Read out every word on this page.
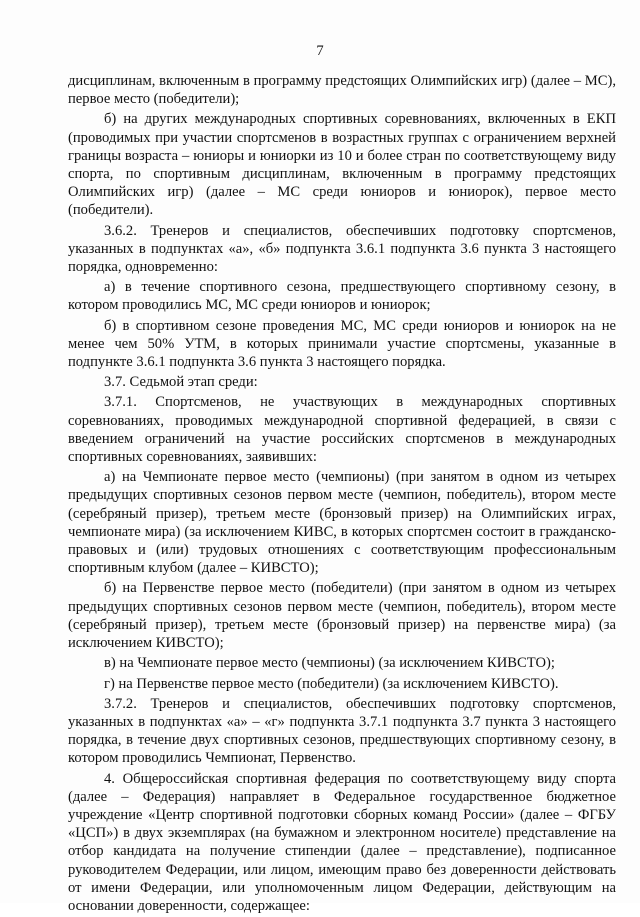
7

дисциплинам, включенным в программу предстоящих Олимпийских игр) (далее – МС), первое место (победители);

б) на других международных спортивных соревнованиях, включенных в ЕКП (проводимых при участии спортсменов в возрастных группах с ограничением верхней границы возраста – юниоры и юниорки из 10 и более стран по соответствующему виду спорта, по спортивным дисциплинам, включенным в программу предстоящих Олимпийских игр) (далее – МС среди юниоров и юниорок), первое место (победители).

3.6.2. Тренеров и специалистов, обеспечивших подготовку спортсменов, указанных в подпунктах «а», «б» подпункта 3.6.1 подпункта 3.6 пункта 3 настоящего порядка, одновременно:

а) в течение спортивного сезона, предшествующего спортивному сезону, в котором проводились МС, МС среди юниоров и юниорок;

б) в спортивном сезоне проведения МС, МС среди юниоров и юниорок на не менее чем 50% УТМ, в которых принимали участие спортсмены, указанные в подпункте 3.6.1 подпункта 3.6 пункта 3 настоящего порядка.

3.7. Седьмой этап среди:

3.7.1. Спортсменов, не участвующих в международных спортивных соревнованиях, проводимых международной спортивной федерацией, в связи с введением ограничений на участие российских спортсменов в международных спортивных соревнованиях, заявивших:

а) на Чемпионате первое место (чемпионы) (при занятом в одном из четырех предыдущих спортивных сезонов первом месте (чемпион, победитель), втором месте (серебряный призер), третьем месте (бронзовый призер) на Олимпийских играх, чемпионате мира) (за исключением КИВС, в которых спортсмен состоит в гражданско-правовых и (или) трудовых отношениях с соответствующим профессиональным спортивным клубом (далее – КИВСТО);

б) на Первенстве первое место (победители) (при занятом в одном из четырех предыдущих спортивных сезонов первом месте (чемпион, победитель), втором месте (серебряный призер), третьем месте (бронзовый призер) на первенстве мира) (за исключением КИВСТО);

в) на Чемпионате первое место (чемпионы) (за исключением КИВСТО);

г) на Первенстве первое место (победители) (за исключением КИВСТО).

3.7.2. Тренеров и специалистов, обеспечивших подготовку спортсменов, указанных в подпунктах «а» – «г» подпункта 3.7.1 подпункта 3.7 пункта 3 настоящего порядка, в течение двух спортивных сезонов, предшествующих спортивному сезону, в котором проводились Чемпионат, Первенство.

4. Общероссийская спортивная федерация по соответствующему виду спорта (далее – Федерация) направляет в Федеральное государственное бюджетное учреждение «Центр спортивной подготовки сборных команд России» (далее – ФГБУ «ЦСП») в двух экземплярах (на бумажном и электронном носителе) представление на отбор кандидата на получение стипендии (далее – представление), подписанное руководителем Федерации, или лицом, имеющим право без доверенности действовать от имени Федерации, или уполномоченным лицом Федерации, действующим на основании доверенности, содержащее:
